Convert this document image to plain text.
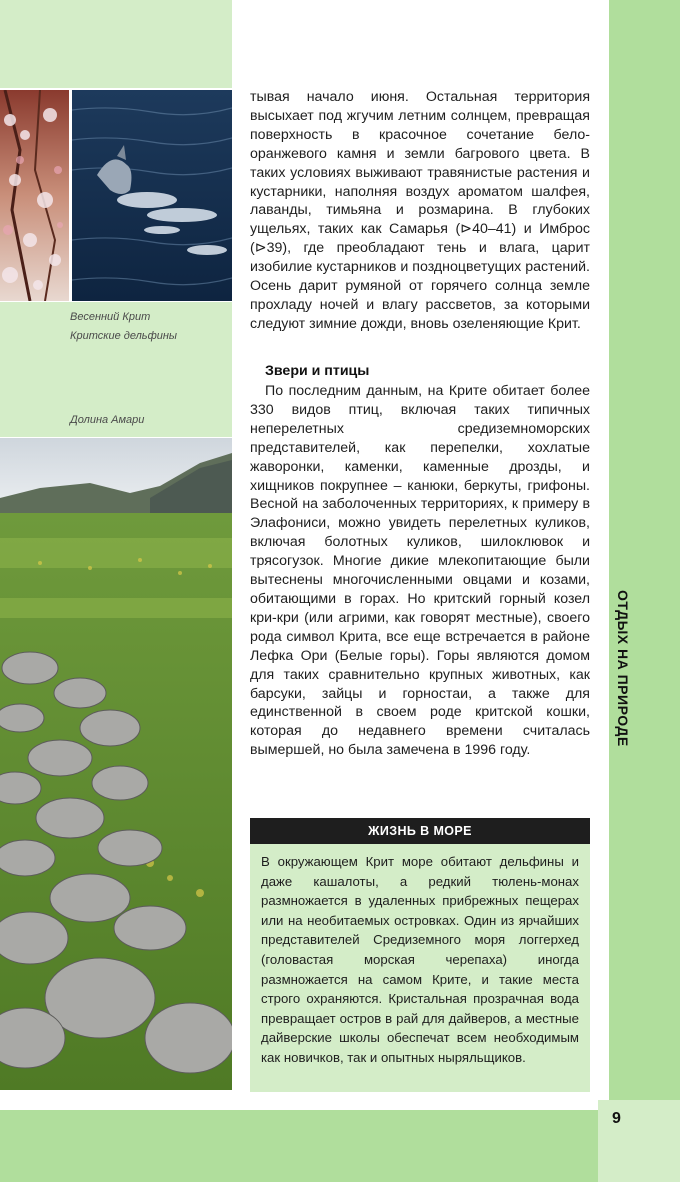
ОТДЫХ НА ПРИРОДЕ
9
Весенний Крит
Критские дельфины
Долина Амари
тывая начало июня. Остальная территория высыхает под жгучим летним солнцем, превращая поверхность в красочное сочетание бело-оранжевого камня и земли багрового цвета. В таких условиях выживают травянистые растения и кустарники, наполняя воздух ароматом шалфея, лаванды, тимьяна и розмарина. В глубоких ущельях, таких как Самарья (⊳40–41) и Имброс (⊳39), где преобладают тень и влага, царит изобилие кустарников и поздноцветущих растений. Осень дарит румяной от горячего солнца земле прохладу ночей и влагу рассветов, за которыми следуют зимние дожди, вновь озеленяющие Крит.
Звери и птицы
По последним данным, на Крите обитает более 330 видов птиц, включая таких типичных неперелетных средиземноморских представителей, как перепелки, хохлатые жаворонки, каменки, каменные дрозды, и хищников покрупнее – канюки, беркуты, грифоны. Весной на заболоченных территориях, к примеру в Элафониси, можно увидеть перелетных куликов, включая болотных куликов, шилоклювок и трясогузок. Многие дикие млекопитающие были вытеснены многочисленными овцами и козами, обитающими в горах. Но критский горный козел кри-кри (или агрими, как говорят местные), своего рода символ Крита, все еще встречается в районе Лефка Ори (Белые горы). Горы являются домом для таких сравнительно крупных животных, как барсуки, зайцы и горностаи, а также для единственной в своем роде критской кошки, которая до недавнего времени считалась вымершей, но была замечена в 1996 году.
ЖИЗНЬ В МОРЕ
В окружающем Крит море обитают дельфины и даже кашалоты, а редкий тюлень-монах размножается в удаленных прибрежных пещерах или на необитаемых островках. Один из ярчайших представителей Средиземного моря логгерхед (головастая морская черепаха) иногда размножается на самом Крите, и такие места строго охраняются. Кристальная прозрачная вода превращает остров в рай для дайверов, а местные дайверские школы обеспечат всем необходимым как новичков, так и опытных ныряльщиков.
